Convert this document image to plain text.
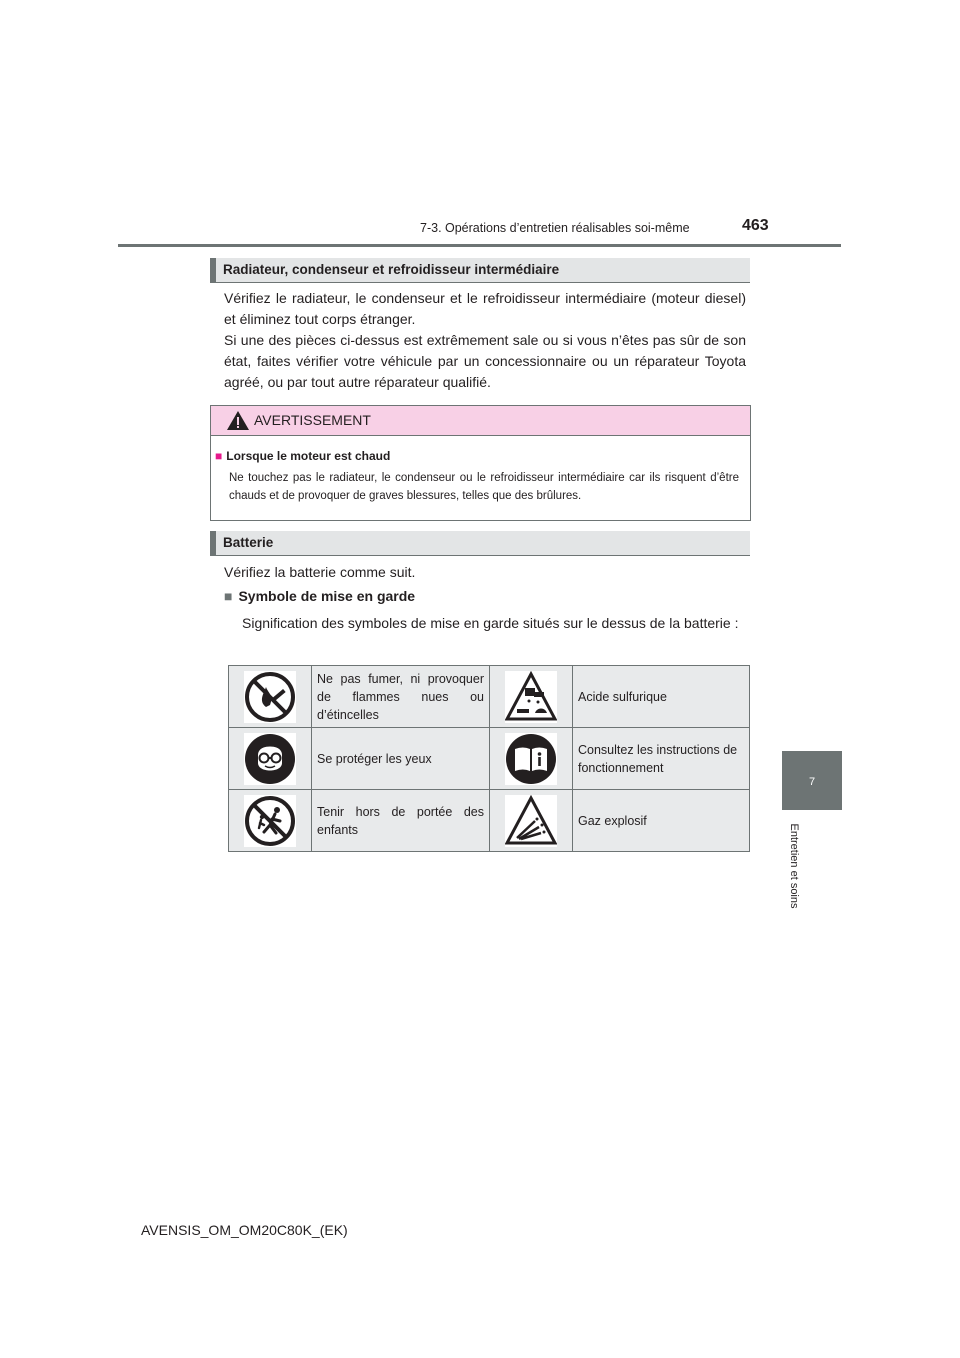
7-3. Opérations d’entretien réalisables soi-même	463
7
Entretien et soins
Radiateur, condenseur et refroidisseur intermédiaire
Vérifiez le radiateur, le condenseur et le refroidisseur intermédiaire (moteur diesel) et éliminez tout corps étranger.
Si une des pièces ci-dessus est extrêmement sale ou si vous n’êtes pas sûr de son état, faites vérifier votre véhicule par un concessionnaire ou un réparateur Toyota agréé, ou par tout autre réparateur qualifié.
AVERTISSEMENT
■ Lorsque le moteur est chaud
Ne touchez pas le radiateur, le condenseur ou le refroidisseur intermédiaire car ils risquent d’être chauds et de provoquer de graves blessures, telles que des brûlures.
Batterie
Vérifiez la batterie comme suit.
■ Symbole de mise en garde
Signification des symboles de mise en garde situés sur le dessus de la batterie :
	Ne pas fumer, ni provoquer de flammes nues ou d’étincelles		Acide sulfurique
	Se protéger les yeux		Consultez les instructions de fonctionnement
	Tenir hors de portée des enfants		Gaz explosif
AVENSIS_OM_OM20C80K_(EK)
